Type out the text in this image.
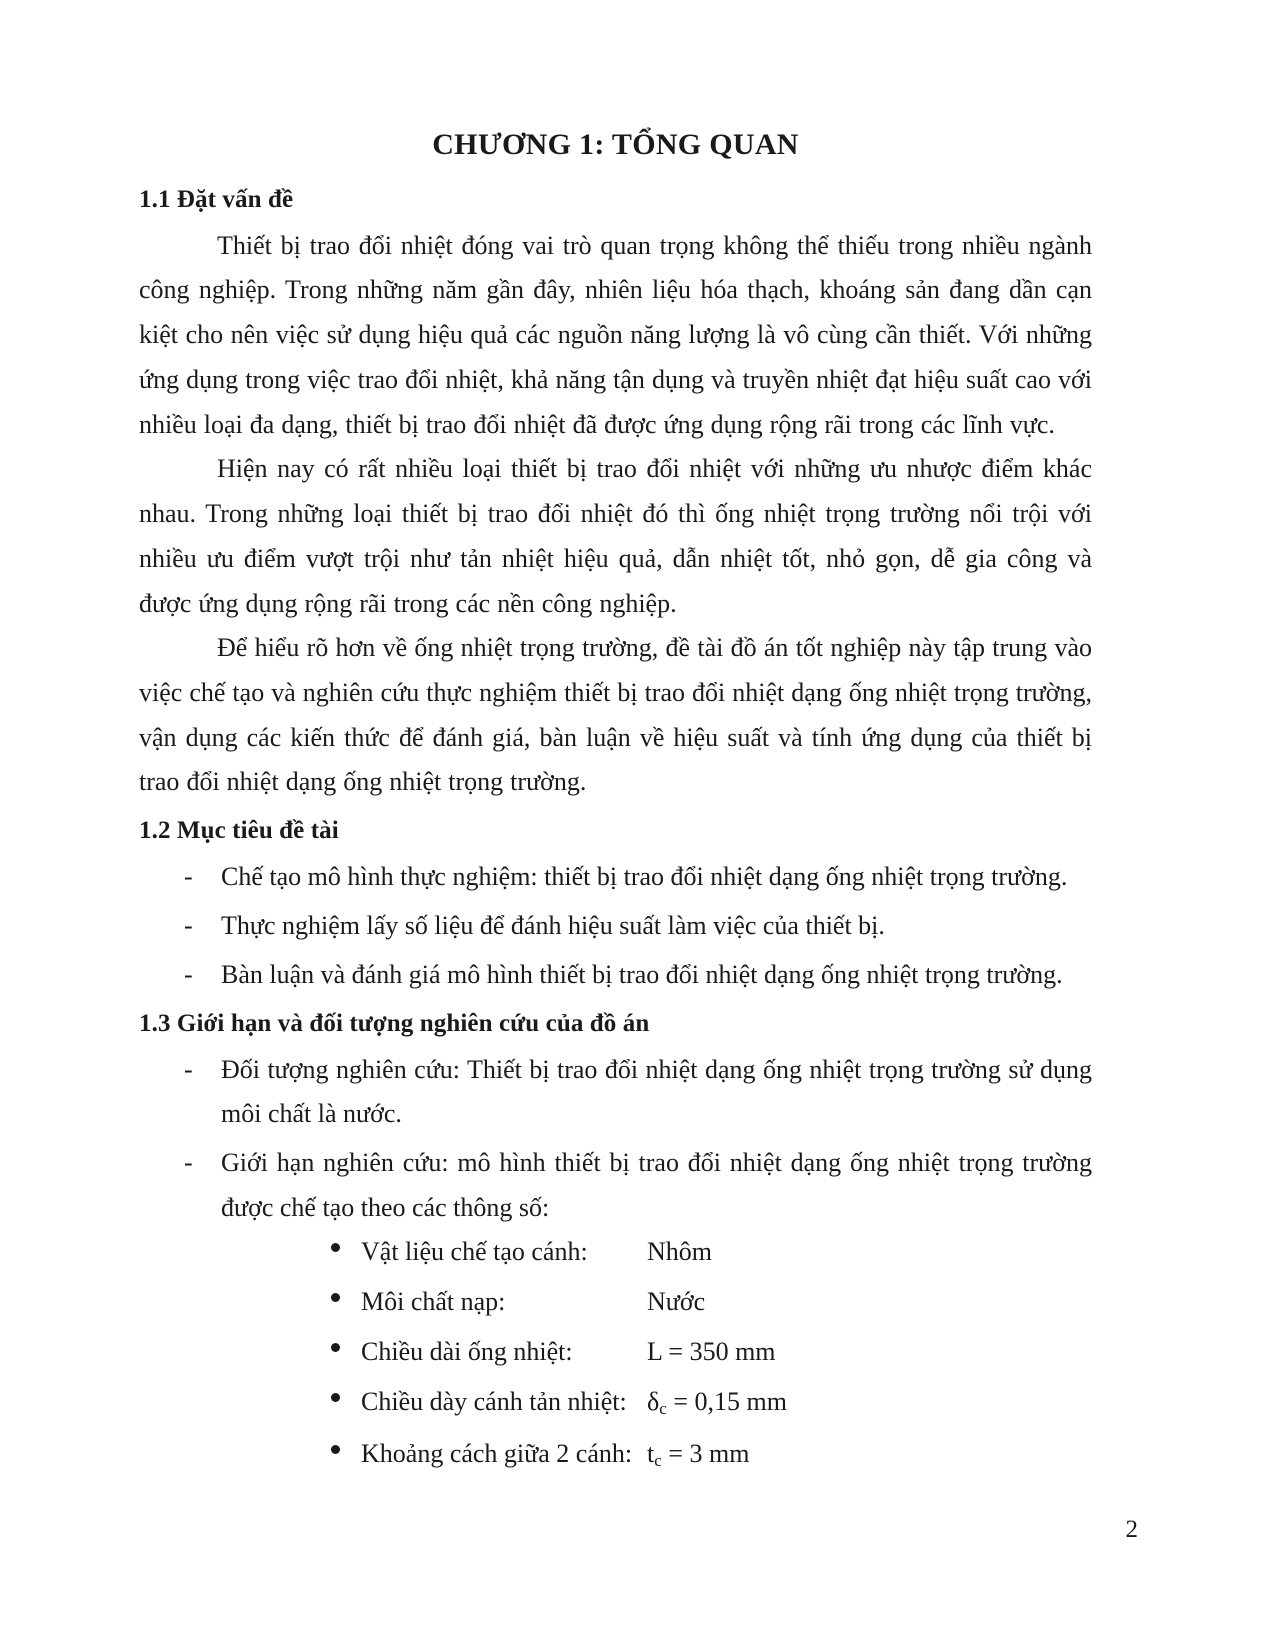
CHƯƠNG 1: TỔNG QUAN
1.1 Đặt vấn đề

Thiết bị trao đổi nhiệt đóng vai trò quan trọng không thể thiếu trong nhiều ngành công nghiệp. Trong những năm gần đây, nhiên liệu hóa thạch, khoáng sản đang dần cạn kiệt cho nên việc sử dụng hiệu quả các nguồn năng lượng là vô cùng cần thiết. Với những ứng dụng trong việc trao đổi nhiệt, khả năng tận dụng và truyền nhiệt đạt hiệu suất cao với nhiều loại đa dạng, thiết bị trao đổi nhiệt đã được ứng dụng rộng rãi trong các lĩnh vực.

Hiện nay có rất nhiều loại thiết bị trao đổi nhiệt với những ưu nhược điểm khác nhau. Trong những loại thiết bị trao đổi nhiệt đó thì ống nhiệt trọng trường nổi trội với nhiều ưu điểm vượt trội như tản nhiệt hiệu quả, dẫn nhiệt tốt, nhỏ gọn, dễ gia công và được ứng dụng rộng rãi trong các nền công nghiệp.

Để hiểu rõ hơn về ống nhiệt trọng trường, đề tài đồ án tốt nghiệp này tập trung vào việc chế tạo và nghiên cứu thực nghiệm thiết bị trao đổi nhiệt dạng ống nhiệt trọng trường, vận dụng các kiến thức để đánh giá, bàn luận về hiệu suất và tính ứng dụng của thiết bị trao đổi nhiệt dạng ống nhiệt trọng trường.

1.2 Mục tiêu đề tài
- Chế tạo mô hình thực nghiệm: thiết bị trao đổi nhiệt dạng ống nhiệt trọng trường.
- Thực nghiệm lấy số liệu để đánh hiệu suất làm việc của thiết bị.
- Bàn luận và đánh giá mô hình thiết bị trao đổi nhiệt dạng ống nhiệt trọng trường.
1.3 Giới hạn và đối tượng nghiên cứu của đồ án
- Đối tượng nghiên cứu: Thiết bị trao đổi nhiệt dạng ống nhiệt trọng trường sử dụng môi chất là nước.
- Giới hạn nghiên cứu: mô hình thiết bị trao đổi nhiệt dạng ống nhiệt trọng trường được chế tạo theo các thông số:
Vật liệu chế tạo cánh:	Nhôm
Môi chất nạp:	Nước
Chiều dài ống nhiệt:	L = 350 mm
Chiều dày cánh tản nhiệt: $\delta_c = 0,15$ mm
Khoảng cách giữa 2 cánh: $t_c = 3$ mm
2
